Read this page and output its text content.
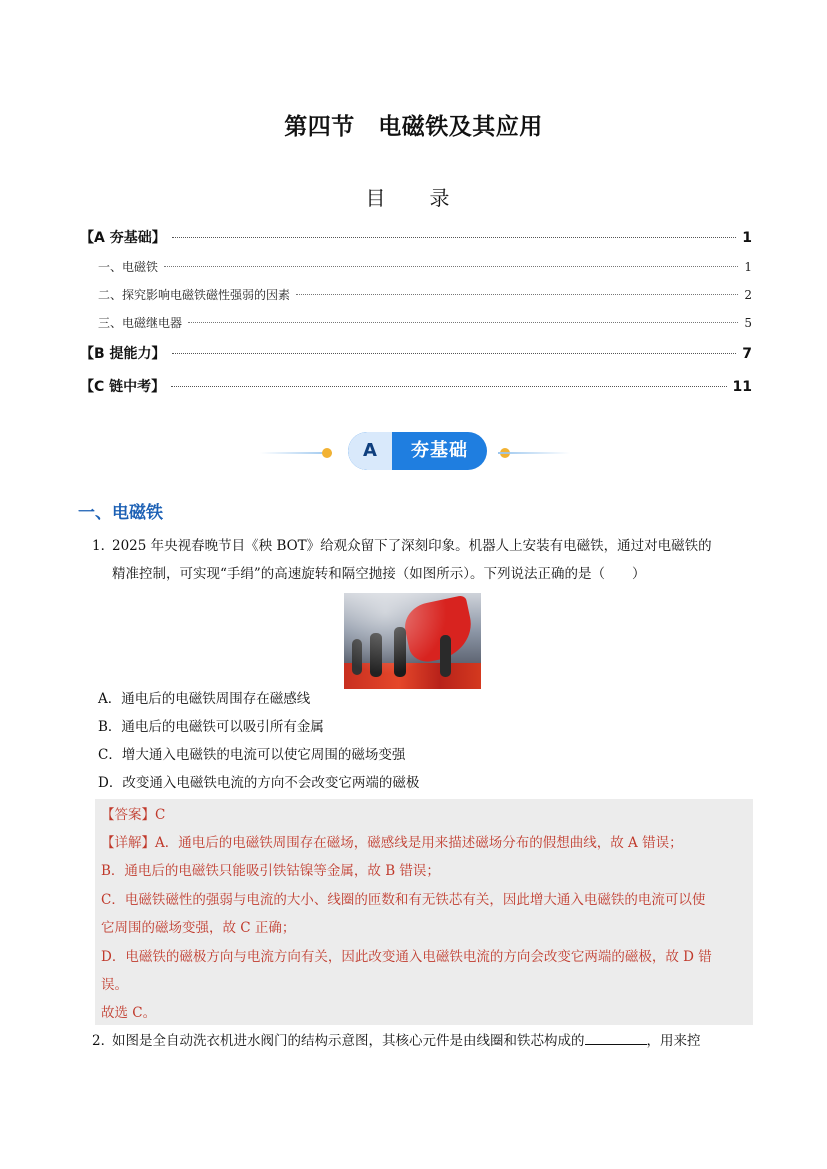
第四节　电磁铁及其应用
目　录
【A 夯基础】	1
一、电磁铁	1
二、探究影响电磁铁磁性强弱的因素	2
三、电磁继电器	5
【B 提能力】	7
【C 链中考】	11
A	夯基础
一、电磁铁
1．2025 年央视春晚节目《秧 BOT》给观众留下了深刻印象。机器人上安装有电磁铁，通过对电磁铁的
精准控制，可实现“手绢”的高速旋转和隔空抛接（如图所示）。下列说法正确的是（　　）
A．通电后的电磁铁周围存在磁感线
B．通电后的电磁铁可以吸引所有金属
C．增大通入电磁铁的电流可以使它周围的磁场变强
D．改变通入电磁铁电流的方向不会改变它两端的磁极
【答案】C
【详解】A．通电后的电磁铁周围存在磁场，磁感线是用来描述磁场分布的假想曲线，故 A 错误；
B．通电后的电磁铁只能吸引铁钴镍等金属，故 B 错误；
C．电磁铁磁性的强弱与电流的大小、线圈的匝数和有无铁芯有关，因此增大通入电磁铁的电流可以使
它周围的磁场变强，故 C 正确；
D．电磁铁的磁极方向与电流方向有关，因此改变通入电磁铁电流的方向会改变它两端的磁极，故 D 错
误。
故选 C。
2．如图是全自动洗衣机进水阀门的结构示意图，其核心元件是由线圈和铁芯构成的	，用来控
